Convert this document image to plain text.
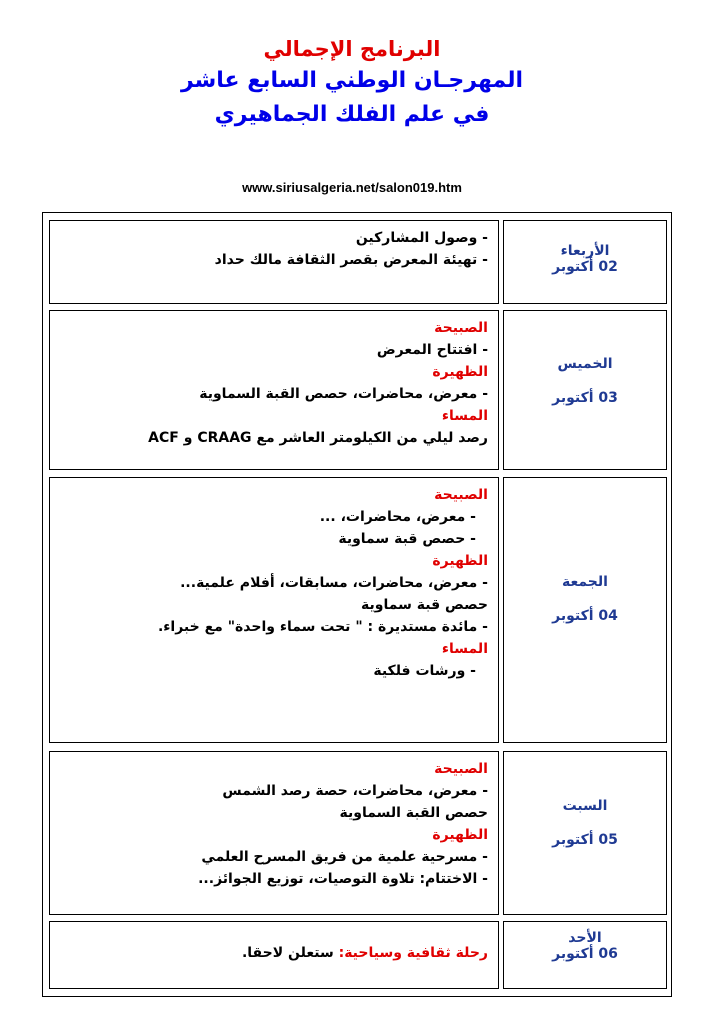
البرنامج الإجمالي
المهرجـان الوطني السابع عاشر
في علم الفلك الجماهيري
www.siriusalgeria.net/salon019.htm
- وصول المشاركين
- تهيئة المعرض بقصر الثقافة مالك حداد
الأربعاء
02 أكتوبر
الصبيحة
- افتتاح المعرض
الظهيرة
- معرض، محاضرات، حصص القبة السماوية
المساء
رصد ليلي من الكيلومتر العاشر مع CRAAG و ACF
الخميس
03 أكتوبر
الصبيحة
- معرض، محاضرات، ...
- حصص قبة سماوية
الظهيرة
- معرض، محاضرات، مسابقات، أفلام علمية...
حصص قبة سماوية
- مائدة مستديرة : " تحت سماء واحدة" مع خبراء.
المساء
- ورشات فلكية
الجمعة
04 أكتوبر
الصبيحة
- معرض، محاضرات، حصة رصد الشمس
حصص القبة السماوية
الظهيرة
- مسرحية علمية من فريق المسرح العلمي
- الاختتام: تلاوة التوصيات، توزيع الجوائز...
السبت
05 أكتوبر
رحلة ثقافية وسياحية: ستعلن لاحقا.
الأحد
06 أكتوبر
